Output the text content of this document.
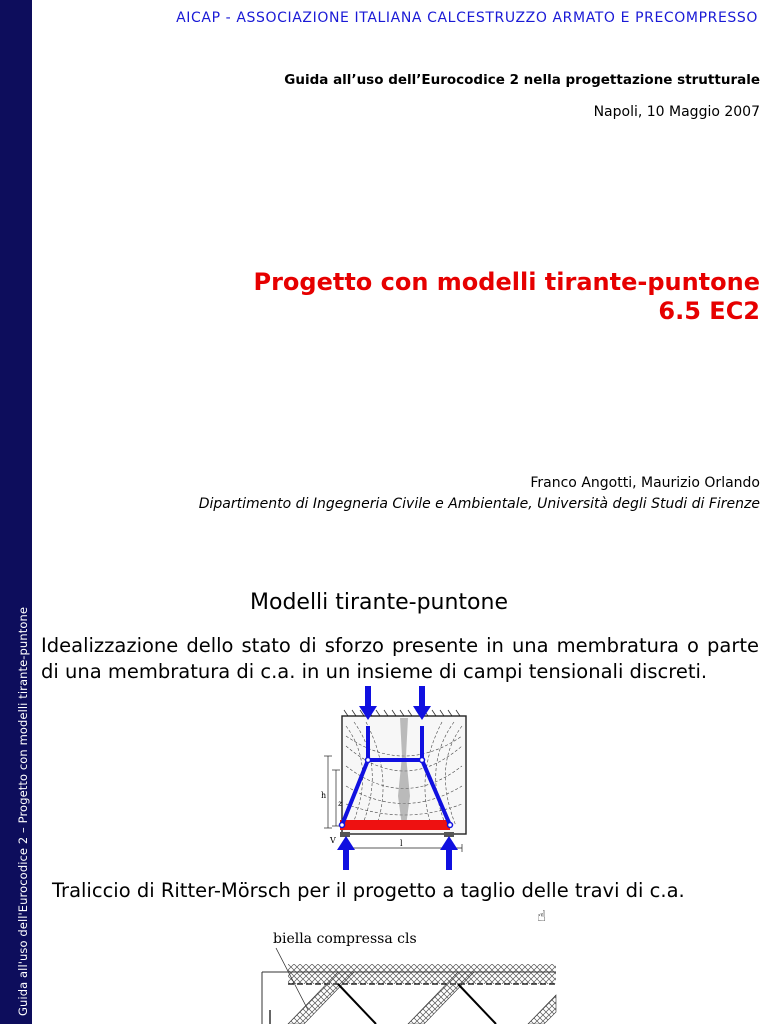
Guida all'uso dell'Eurocodice 2 – Progetto con modelli tirante-puntone
AICAP - ASSOCIAZIONE ITALIANA CALCESTRUZZO ARMATO E PRECOMPRESSO
Guida all’uso dell’Eurocodice 2 nella progettazione strutturale
Napoli, 10 Maggio 2007
Progetto con modelli tirante-puntone
6.5 EC2
Franco Angotti, Maurizio Orlando
Dipartimento di Ingegneria Civile e Ambientale, Università degli Studi di Firenze
Modelli tirante-puntone
Idealizzazione dello stato di sforzo presente in una membratura o parte di una membratura di c.a. in un insieme di campi tensionali discreti.
h
z
V	l
Traliccio di Ritter-Mörsch per il progetto a taglio delle travi di c.a.
☝
biella compressa cls
